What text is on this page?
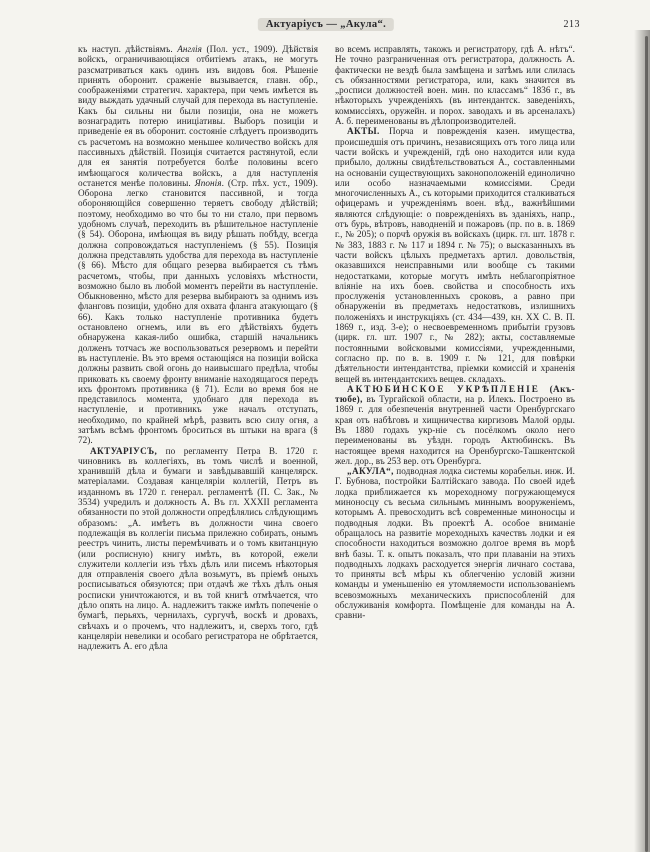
Актуаріусъ — „Акула“.	213

къ наступ. дѣйствіямъ. Англія (Пол. уст., 1909). Дѣйствія войскъ, ограничивающіяся отбитіемъ атакъ, не могутъ разсматриваться какъ одинъ изъ видовъ боя. Рѣшеніе принять оборонит. сраженіе вызывается, главн. обр., соображеніями стратегич. характера, при чемъ имѣется въ виду выждать удачный случай для перехода въ наступленіе. Какъ бы сильны ни были позиціи, она не можетъ вознаградить потерю иниціативы. Выборъ позиціи и приведеніе ея въ оборонит. состояніе слѣдуетъ производить съ расчетомъ на возможно меньшее количество войскъ для пассивныхъ дѣйствій. Позиція считается растянутой, если для ея занятія потребуется болѣе половины всего имѣющагося количества войскъ, а для наступленія останется менѣе половины. Японія. (Стр. пѣх. уст., 1909). Оборона легко становится пассивной, и тогда обороняющійся совершенно теряетъ свободу дѣйствій; поэтому, необходимо во что бы то ни стало, при первомъ удобномъ случаѣ, переходить въ рѣшительное наступленіе (§ 54). Оборона, имѣющая въ виду рѣшать побѣду, всегда должна сопровождаться наступленіемъ (§ 55). Позиція должна представлять удобства для перехода въ наступленіе (§ 66). Мѣсто для общаго резерва выбирается съ тѣмъ расчетомъ, чтобы, при данныхъ условіяхъ мѣстности, возможно было въ любой моментъ перейти въ наступленіе. Обыкновенно, мѣсто для резерва выбираютъ за однимъ изъ фланговъ позиціи, удобно для охвата фланга атакующаго (§ 66). Какъ только наступленіе противника будетъ остановлено огнемъ, или въ его дѣйствіяхъ будетъ обнаружена какая-либо ошибка, старшій начальникъ долженъ тотчасъ же воспользоваться резервомъ и перейти въ наступленіе. Въ это время остающіяся на позиціи войска должны развить свой огонь до наивысшаго предѣла, чтобы приковать къ своему фронту вниманіе находящагося передъ ихъ фронтомъ противника (§ 71). Если во время боя не представилось момента, удобнаго для перехода въ наступленіе, и противникъ уже началъ отступать, необходимо, по крайней мѣрѣ, развить всю силу огня, а затѣмъ всѣмъ фронтомъ броситься въ штыки на врага (§ 72).

АКТУАРІУСЪ, по регламенту Петра В. 1720 г. чиновникъ въ коллегіяхъ, въ томъ числѣ и военной, хранившій дѣла и бумаги и завѣдывавшій канцелярск. матеріалами. Создавая канцеляріи коллегій, Петръ въ изданномъ въ 1720 г. генерал. регламентѣ (П. С. Зак., № 3534) учредилъ и должность А. Въ гл. XXXII регламента обязанности по этой должности опредѣлялись слѣдующимъ образомъ: „А. имѣетъ въ должности чина своего подлежащія въ коллегіи письма прилежно собирать, онымъ реестръ чинить, листы перемѣчивать и о томъ квитанцную (или росписную) книгу имѣть, въ которой, ежели служители коллегіи изъ тѣхъ дѣлъ или писемъ нѣкоторыя для отправленія своего дѣла возьмутъ, въ пріемѣ оныхъ росписываться обязуются; при отдачѣ же тѣхъ дѣлъ оныя росписки уничтожаются, и въ той книгѣ отмѣчается, что дѣло опять на лицо. А. надлежитъ также имѣть попеченіе о бумагѣ, перьяхъ, чернилахъ, сургучѣ, воскѣ и дровахъ, свѣчахъ и о прочемъ, что надлежитъ, и, сверхъ того, гдѣ канцеляріи невелики и особаго регистратора не обрѣтается, надлежитъ А. его дѣла

во всемъ исправлять, такожъ и регистратору, гдѣ А. нѣтъ“. Не точно разграниченная отъ регистратора, должность А. фактически не вездѣ была замѣщена и затѣмъ или слилась съ обязанностями регистратора, или, какъ значится въ „росписи должностей воен. мин. по классамъ“ 1836 г., въ нѣкоторыхъ учрежденіяхъ (въ интендантск. заведеніяхъ, коммиссіяхъ, оружейн. и порох. заводахъ и въ арсеналахъ) А. б. переименованы въ дѣлопроизводителей.

АКТЫ. Порча и поврежденія казен. имущества, происшедшія отъ причинъ, независящихъ отъ того лица или части войскъ и учрежденій, гдѣ оно находится или куда прибыло, должны свидѣтельствоваться А., составленными на основаніи существующихъ законоположеній единолично или особо назначаемыми комиссіями. Среди многочисленныхъ А., съ которыми приходится сталкиваться офицерамъ и учрежденіямъ воен. вѣд., важнѣйшими являются слѣдующіе: о поврежденіяхъ въ зданіяхъ, напр., отъ бурь, вѣтровъ, наводненій и пожаровъ (пр. по в. в. 1869 г., № 205); о порчѣ оружія въ войскахъ (цирк. гл. шт. 1878 г. № 383, 1883 г. № 117 и 1894 г. № 75); о высказанныхъ въ части войскъ цѣлыхъ предметахъ артил. довольствія, оказавшихся неисправными или вообще съ такими недостатками, которые могутъ имѣть неблагопріятное вліяніе на ихъ боев. свойства и способность ихъ прослуженія установленныхъ сроковъ, а равно при обнаруженіи въ предметахъ недостатковъ, излишнихъ положеніяхъ и инструкціяхъ (ст. 434—439, кн. XX С. В. П. 1869 г., изд. 3-е); о несвоевременномъ прибытіи грузовъ (цирк. гл. шт. 1907 г., № 282); акты, составляемые постоянными войсковыми комиссіями, учрежденными, согласно пр. по в. в. 1909 г. № 121, для повѣрки дѣятельности интендантства, пріемки комиссій и храненія вещей въ интендантскихъ вещев. складахъ.

АКТЮБИНСКОЕ УКРѢПЛЕНІЕ (Акъ-тюбе), въ Тургайской области, на р. Илекъ. Построено въ 1869 г. для обезпеченія внутренней части Оренбургскаго края отъ набѣговъ и хищничества киргизовъ Малой орды. Въ 1880 годахъ укр-ніе съ посёлкомъ около него переименованы въ уѣздн. городъ Актюбинскъ. Въ настоящее время находится на Оренбургско-Ташкентской жел. дор., въ 253 вер. отъ Оренбурга.

„АКУЛА“, подводная лодка системы корабельн. инж. И. Г. Бубнова, постройки Балтійскаго завода. По своей идеѣ лодка приближается къ мореходному погружающемуся миноносцу съ весьма сильнымъ миннымъ вооруженіемъ, которымъ А. превосходитъ всѣ современные миноносцы и подводныя лодки. Въ проектѣ А. особое вниманіе обращалось на развитіе мореходныхъ качествъ лодки и ея способности находиться возможно долгое время въ морѣ внѣ базы. Т. к. опытъ показалъ, что при плаваніи на этихъ подводныхъ лодкахъ расходуется энергія личнаго состава, то приняты всѣ мѣры къ облегченію условій жизни команды и уменьшенію ея утомляемости использованіемъ всевозможныхъ механическихъ приспособленій для обслуживанія комфорта. Помѣщеніе для команды на А. сравни-
